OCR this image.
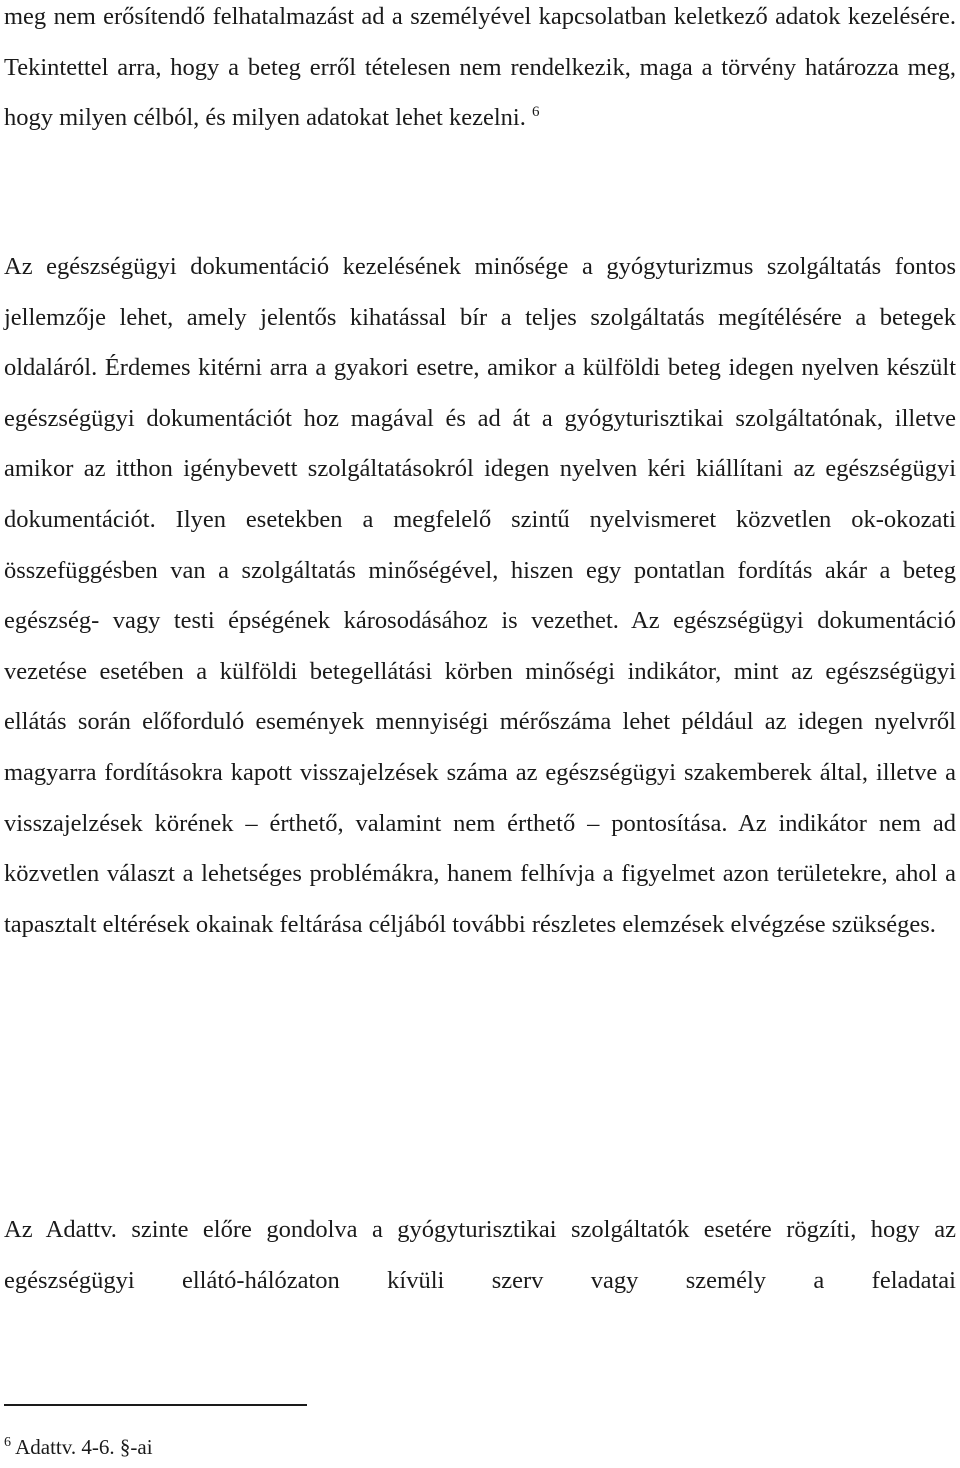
meg nem erősítendő felhatalmazást ad a személyével kapcsolatban keletkező adatok kezelésére. Tekintettel arra, hogy a beteg erről tételesen nem rendelkezik, maga a törvény határozza meg, hogy milyen célból, és milyen adatokat lehet kezelni. $^6$

Az egészségügyi dokumentáció kezelésének minősége a gyógyturizmus szolgáltatás fontos jellemzője lehet, amely jelentős kihatással bír a teljes szolgáltatás megítélésére a betegek oldaláról. Érdemes kitérni arra a gyakori esetre, amikor a külföldi beteg idegen nyelven készült egészségügyi dokumentációt hoz magával és ad át a gyógyturisztikai szolgáltatónak, illetve amikor az itthon igénybevett szolgáltatásokról idegen nyelven kéri kiállítani az egészségügyi dokumentációt. Ilyen esetekben a megfelelő szintű nyelvismeret közvetlen ok-okozati összefüggésben van a szolgáltatás minőségével, hiszen egy pontatlan fordítás akár a beteg egészség- vagy testi épségének károsodásához is vezethet. Az egészségügyi dokumentáció vezetése esetében a külföldi betegellátási körben minőségi indikátor, mint az egészségügyi ellátás során előforduló események mennyiségi mérőszáma lehet például az idegen nyelvről magyarra fordításokra kapott visszajelzések száma az egészségügyi szakemberek által, illetve a visszajelzések körének – érthető, valamint nem érthető – pontosítása. Az indikátor nem ad közvetlen választ a lehetséges problémákra, hanem felhívja a figyelmet azon területekre, ahol a tapasztalt eltérések okainak feltárása céljából további részletes elemzések elvégzése szükséges.

Az Adattv. szinte előre gondolva a gyógyturisztikai szolgáltatók esetére rögzíti, hogy az egészségügyi ellátó-hálózaton kívüli szerv vagy személy a feladatai

$^6$ Adattv. 4-6. §-ai
